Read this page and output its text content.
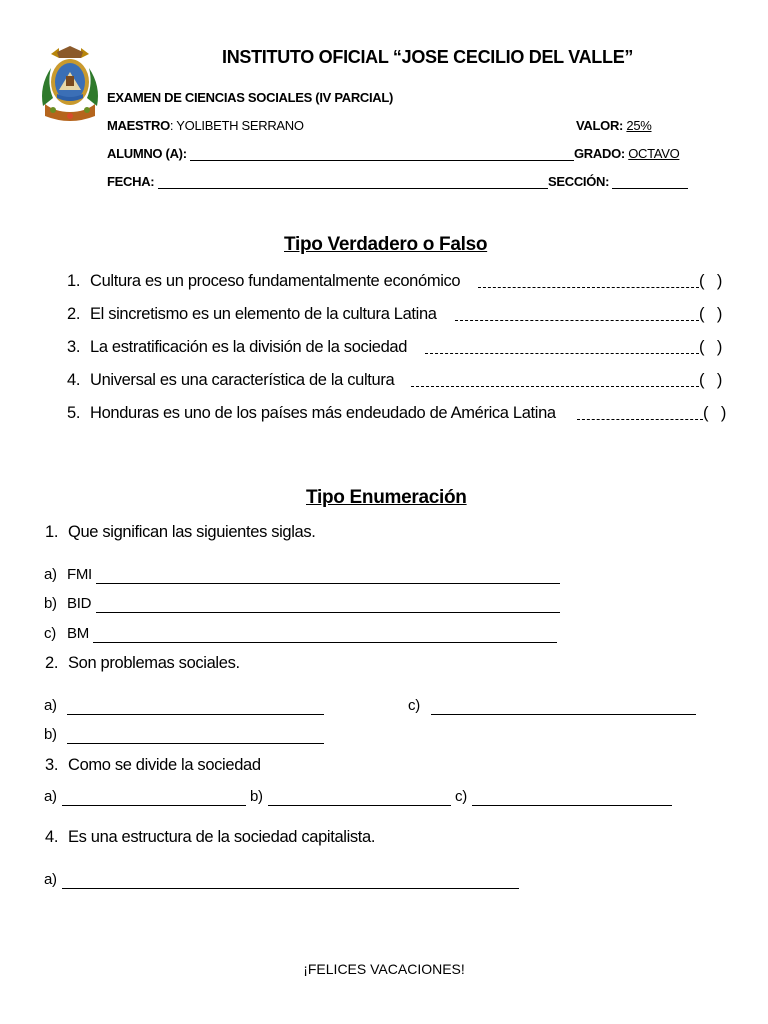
INSTITUTO OFICIAL “JOSE CECILIO DEL VALLE”
EXAMEN DE CIENCIAS SOCIALES (IV PARCIAL)
MAESTRO: YOLIBETH SERRANO	VALOR: 25%
ALUMNO (A):	GRADO: OCTAVO
FECHA:	SECCIÓN:
Tipo Verdadero o Falso
1. Cultura es un proceso fundamentalmente económico	(   )
2. El sincretismo es un elemento de la cultura Latina	(   )
3. La estratificación es la división de la sociedad	(   )
4. Universal es una característica de la cultura	(   )
5. Honduras es uno de los países más endeudado de América Latina	(   )
Tipo Enumeración
1. Que significan las siguientes siglas.
a) FMI
b) BID
c) BM
2. Son problemas sociales.
a)	c)
b)
3. Como se divide la sociedad
a)	b)	c)
4. Es una estructura de la sociedad capitalista.
a)
¡FELICES VACACIONES!
